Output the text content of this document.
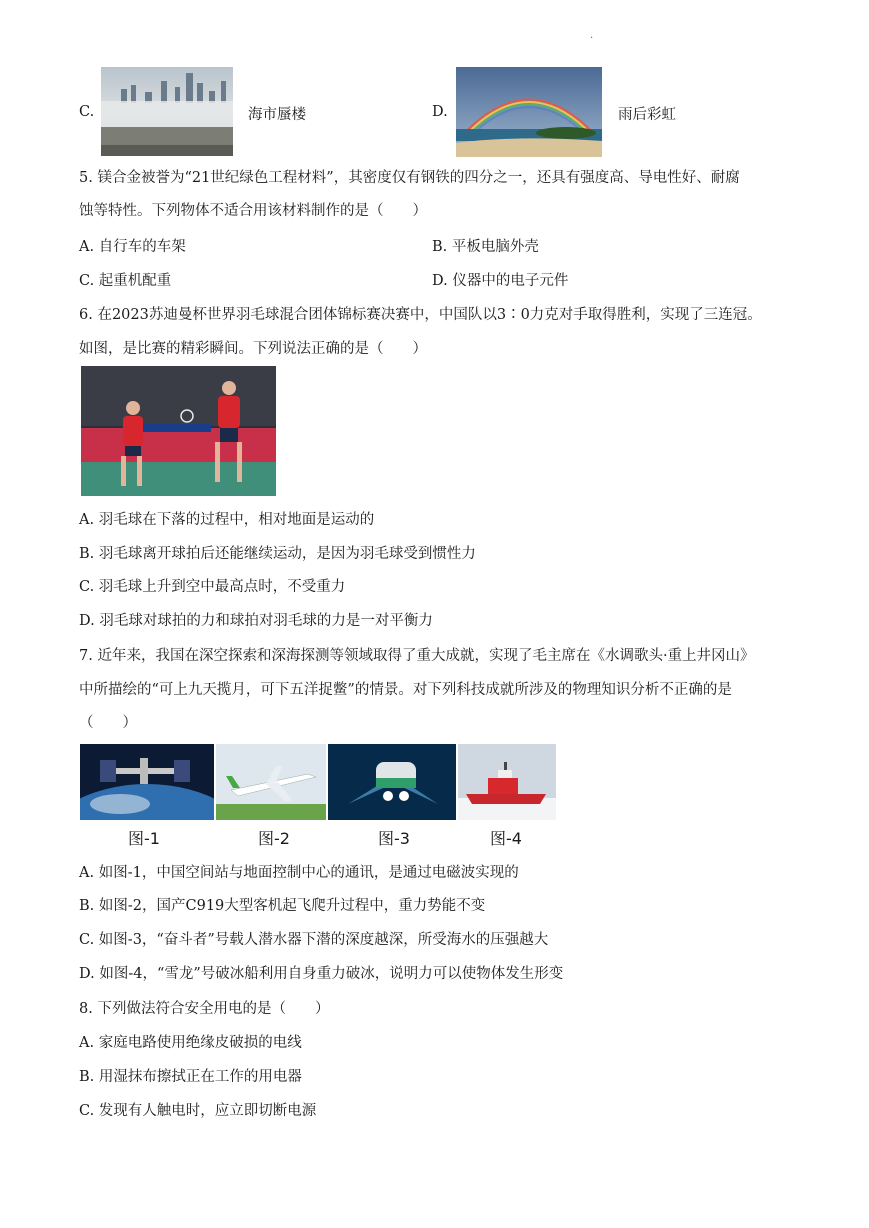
.
C.	海市蜃楼	D.	雨后彩虹
5. 镁合金被誉为“21世纪绿色工程材料”，其密度仅有钢铁的四分之一，还具有强度高、导电性好、耐腐
蚀等特性。下列物体不适合用该材料制作的是（　　）
A. 自行车的车架	B. 平板电脑外壳
C. 起重机配重	D. 仪器中的电子元件
6. 在2023苏迪曼杯世界羽毛球混合团体锦标赛决赛中，中国队以3∶0力克对手取得胜利，实现了三连冠。
如图，是比赛的精彩瞬间。下列说法正确的是（　　）
A. 羽毛球在下落的过程中，相对地面是运动的
B. 羽毛球离开球拍后还能继续运动，是因为羽毛球受到惯性力
C. 羽毛球上升到空中最高点时，不受重力
D. 羽毛球对球拍的力和球拍对羽毛球的力是一对平衡力
7. 近年来，我国在深空探索和深海探测等领域取得了重大成就，实现了毛主席在《水调歌头·重上井冈山》
中所描绘的“可上九天揽月，可下五洋捉鳖”的情景。对下列科技成就所涉及的物理知识分析不正确的是
（　　）
图-1	图-2	图-3	图-4
A. 如图-1，中国空间站与地面控制中心的通讯，是通过电磁波实现的
B. 如图-2，国产C919大型客机起飞爬升过程中，重力势能不变
C. 如图-3，“奋斗者”号载人潜水器下潜的深度越深，所受海水的压强越大
D. 如图-4，“雪龙”号破冰船利用自身重力破冰，说明力可以使物体发生形变
8. 下列做法符合安全用电的是（　　）
A. 家庭电路使用绝缘皮破损的电线
B. 用湿抹布擦拭正在工作的用电器
C. 发现有人触电时，应立即切断电源
